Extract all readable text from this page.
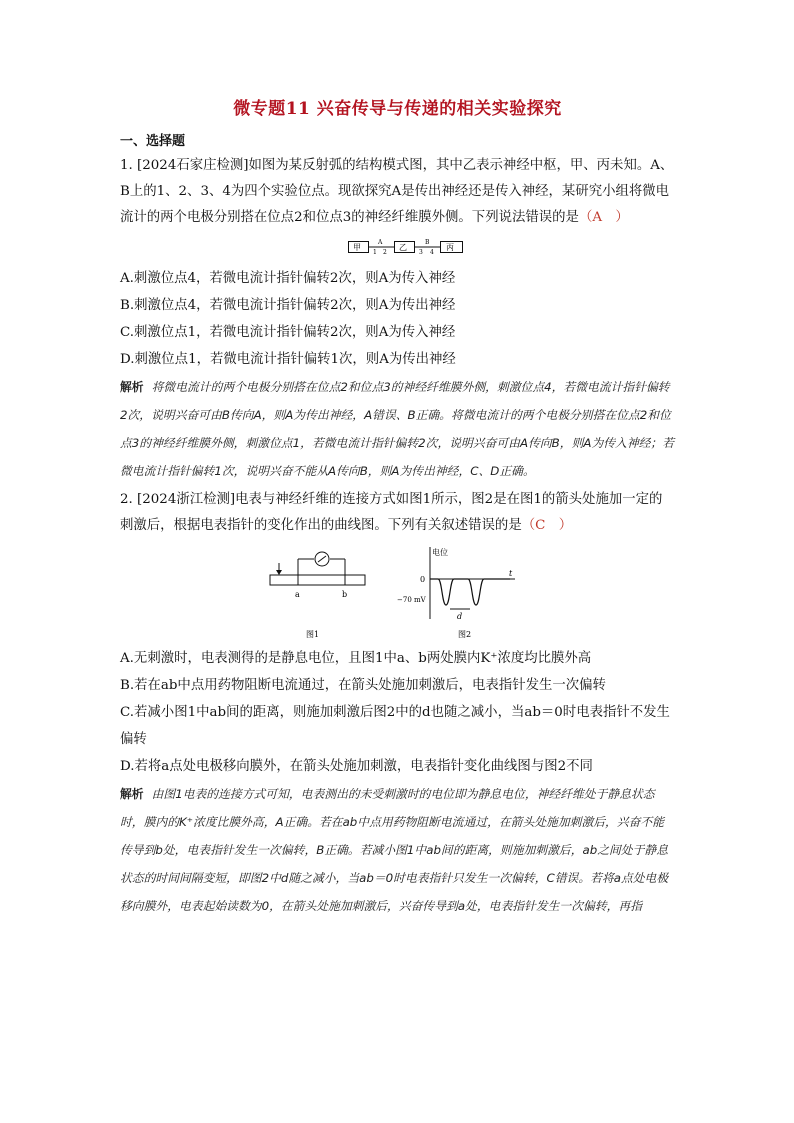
微专题11 兴奋传导与传递的相关实验探究
一、选择题

1. [2024石家庄检测]如图为某反射弧的结构模式图，其中乙表示神经中枢，甲、丙未知。A、B上的1、2、3、4为四个实验位点。现欲探究A是传出神经还是传入神经，某研究小组将微电流计的两个电极分别搭在位点2和位点3的神经纤维膜外侧。下列说法错误的是（A　）

甲
A
1 2
乙
B
3 4
丙

A.刺激位点4，若微电流计指针偏转2次，则A为传入神经

B.刺激位点4，若微电流计指针偏转2次，则A为传出神经

C.刺激位点1，若微电流计指针偏转2次，则A为传入神经

D.刺激位点1，若微电流计指针偏转1次，则A为传出神经

解析 将微电流计的两个电极分别搭在位点2和位点3的神经纤维膜外侧，刺激位点4，若微电流计指针偏转2次，说明兴奋可由B传向A，则A为传出神经，A错误、B正确。将微电流计的两个电极分别搭在位点2和位点3的神经纤维膜外侧，刺激位点1，若微电流计指针偏转2次，说明兴奋可由A传向B，则A为传入神经；若微电流计指针偏转1次，说明兴奋不能从A传向B，则A为传出神经，C、D正确。

2. [2024浙江检测]电表与神经纤维的连接方式如图1所示，图2是在图1的箭头处施加一定的刺激后，根据电表指针的变化作出的曲线图。下列有关叙述错误的是（C　）

a	b
图1
电位
0
t
−70 mV
d
图2

A.无刺激时，电表测得的是静息电位，且图1中a、b两处膜内K⁺浓度均比膜外高

B.若在ab中点用药物阻断电流通过，在箭头处施加刺激后，电表指针发生一次偏转

C.若减小图1中ab间的距离，则施加刺激后图2中的d也随之减小，当ab＝0时电表指针不发生偏转

D.若将a点处电极移向膜外，在箭头处施加刺激，电表指针变化曲线图与图2不同

解析 由图1电表的连接方式可知，电表测出的未受刺激时的电位即为静息电位，神经纤维处于静息状态时，膜内的K⁺浓度比膜外高，A正确。若在ab中点用药物阻断电流通过，在箭头处施加刺激后，兴奋不能传导到b处，电表指针发生一次偏转，B正确。若减小图1中ab间的距离，则施加刺激后，ab之间处于静息状态的时间间隔变短，即图2中d随之减小，当ab＝0时电表指针只发生一次偏转，C错误。若将a点处电极移向膜外，电表起始读数为0，在箭头处施加刺激后，兴奋传导到a处，电表指针发生一次偏转，再指
